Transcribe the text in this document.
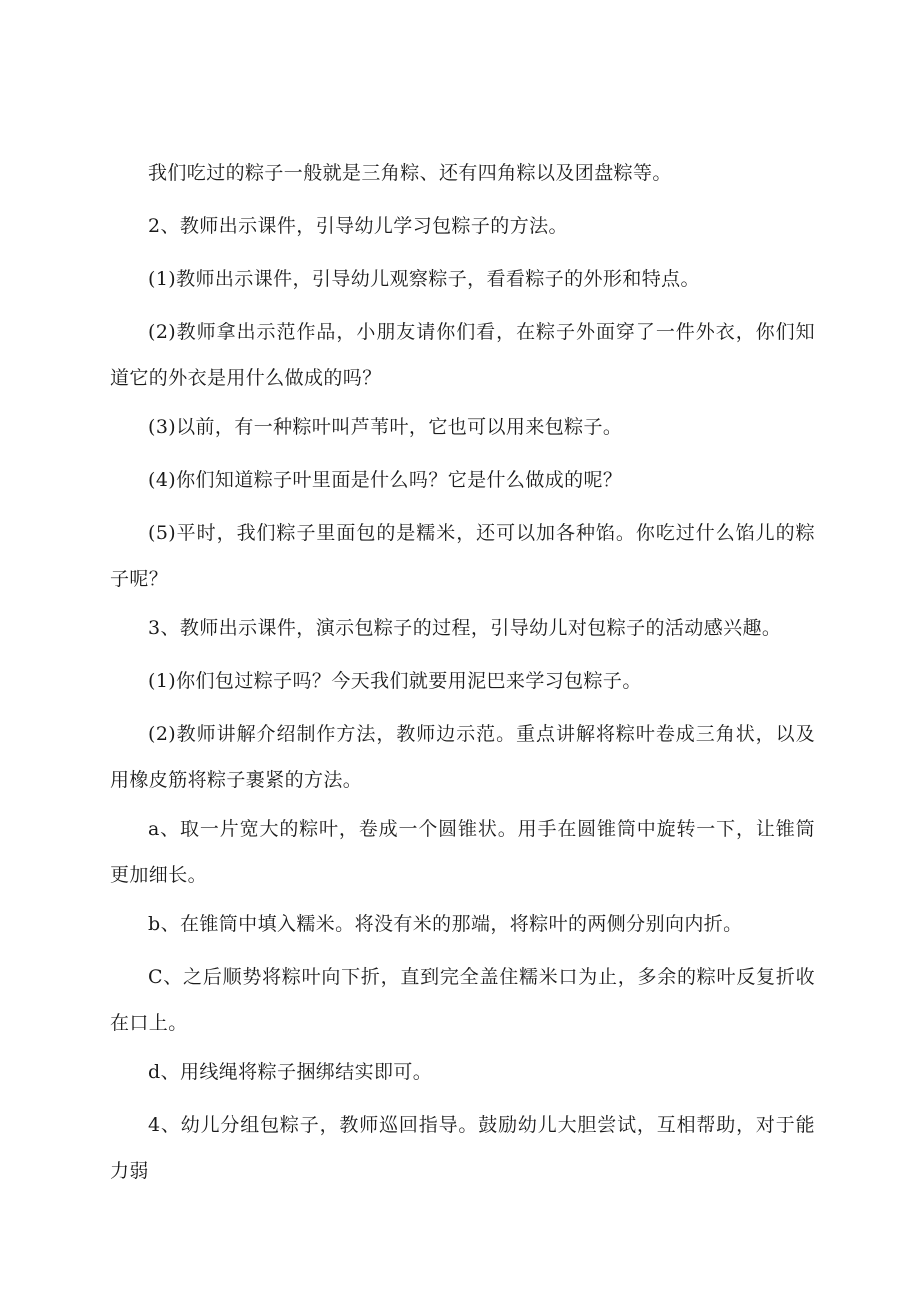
我们吃过的粽子一般就是三角粽、还有四角粽以及团盘粽等。

2、教师出示课件，引导幼儿学习包粽子的方法。

(1)教师出示课件，引导幼儿观察粽子，看看粽子的外形和特点。

(2)教师拿出示范作品，小朋友请你们看，在粽子外面穿了一件外衣，你们知道它的外衣是用什么做成的吗？

(3)以前，有一种粽叶叫芦苇叶，它也可以用来包粽子。

(4)你们知道粽子叶里面是什么吗？它是什么做成的呢？

(5)平时，我们粽子里面包的是糯米，还可以加各种馅。你吃过什么馅儿的粽子呢？

3、教师出示课件，演示包粽子的过程，引导幼儿对包粽子的活动感兴趣。

(1)你们包过粽子吗？今天我们就要用泥巴来学习包粽子。

(2)教师讲解介绍制作方法，教师边示范。重点讲解将粽叶卷成三角状，以及用橡皮筋将粽子裹紧的方法。

a、取一片宽大的粽叶，卷成一个圆锥状。用手在圆锥筒中旋转一下，让锥筒更加细长。

b、在锥筒中填入糯米。将没有米的那端，将粽叶的两侧分别向内折。

C、之后顺势将粽叶向下折，直到完全盖住糯米口为止，多余的粽叶反复折收在口上。

d、用线绳将粽子捆绑结实即可。

4、幼儿分组包粽子，教师巡回指导。鼓励幼儿大胆尝试，互相帮助，对于能力弱
